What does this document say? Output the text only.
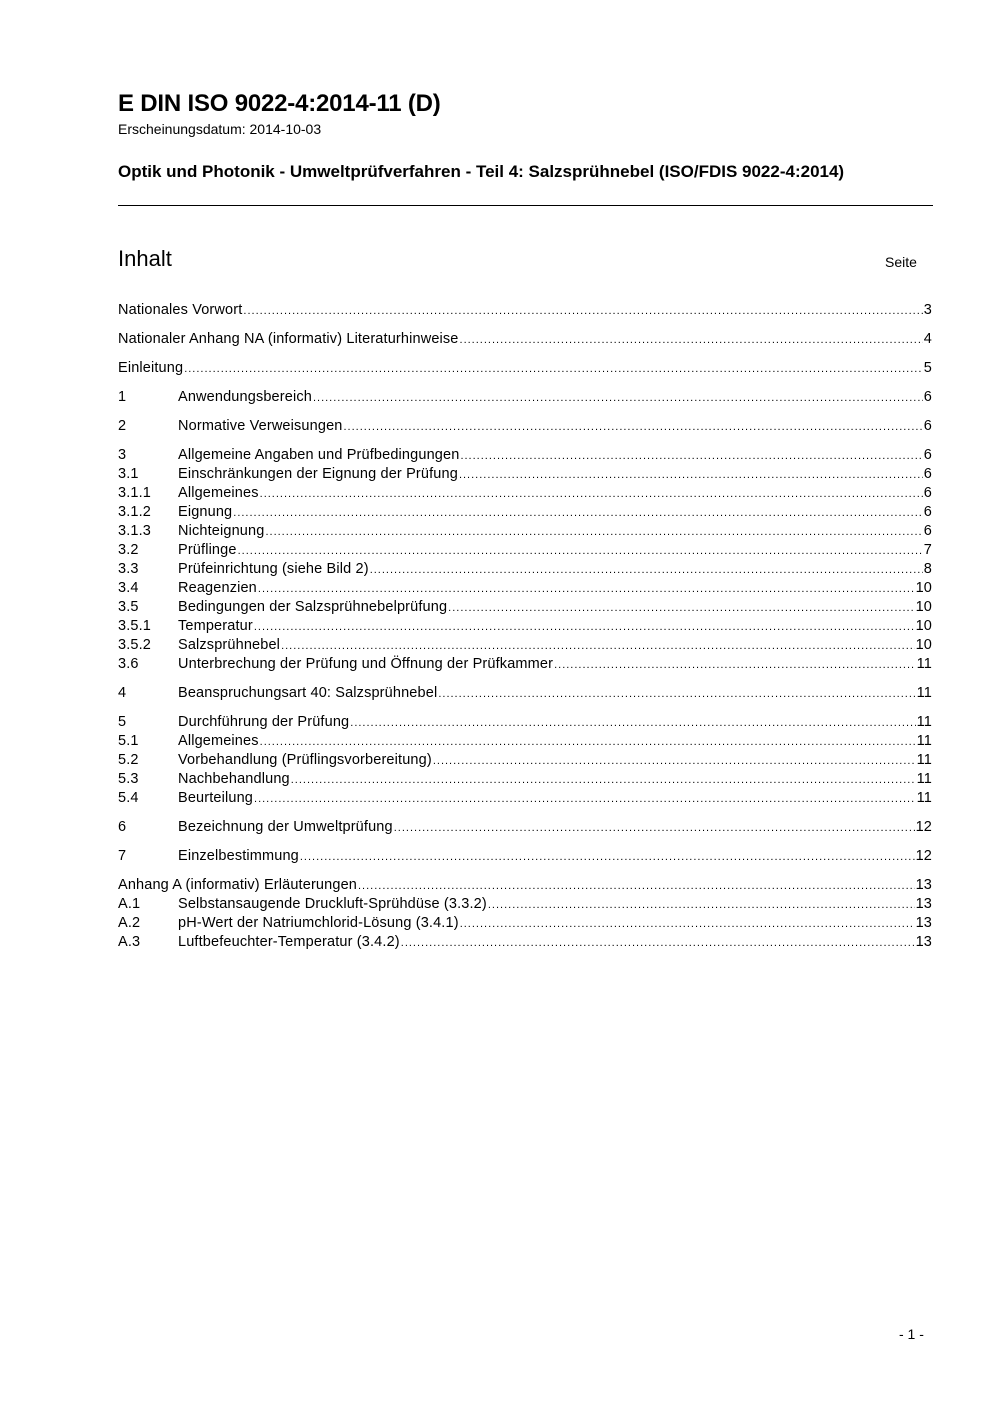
E DIN ISO 9022-4:2014-11 (D)
Erscheinungsdatum: 2014-10-03
Optik und Photonik - Umweltprüfverfahren - Teil 4: Salzsprühnebel (ISO/FDIS 9022-4:2014)
Inhalt	Seite
Nationales Vorwort .....	3
Nationaler Anhang NA (informativ) Literaturhinweise .....	4
Einleitung .....	5
1	Anwendungsbereich .....	6
2	Normative Verweisungen .....	6
3	Allgemeine Angaben und Prüfbedingungen .....	6
3.1	Einschränkungen der Eignung der Prüfung .....	6
3.1.1	Allgemeines .....	6
3.1.2	Eignung .....	6
3.1.3	Nichteignung .....	6
3.2	Prüflinge .....	7
3.3	Prüfeinrichtung (siehe Bild 2) .....	8
3.4	Reagenzien .....	10
3.5	Bedingungen der Salzsprühnebelprüfung .....	10
3.5.1	Temperatur .....	10
3.5.2	Salzsprühnebel .....	10
3.6	Unterbrechung der Prüfung und Öffnung der Prüfkammer .....	11
4	Beanspruchungsart 40: Salzsprühnebel .....	11
5	Durchführung der Prüfung .....	11
5.1	Allgemeines .....	11
5.2	Vorbehandlung (Prüflingsvorbereitung) .....	11
5.3	Nachbehandlung .....	11
5.4	Beurteilung .....	11
6	Bezeichnung der Umweltprüfung .....	12
7	Einzelbestimmung .....	12
Anhang A (informativ) Erläuterungen .....	13
A.1	Selbstansaugende Druckluft-Sprühdüse (3.3.2) .....	13
A.2	pH-Wert der Natriumchlorid-Lösung (3.4.1) .....	13
A.3	Luftbefeuchter-Temperatur (3.4.2) .....	13
- 1 -
